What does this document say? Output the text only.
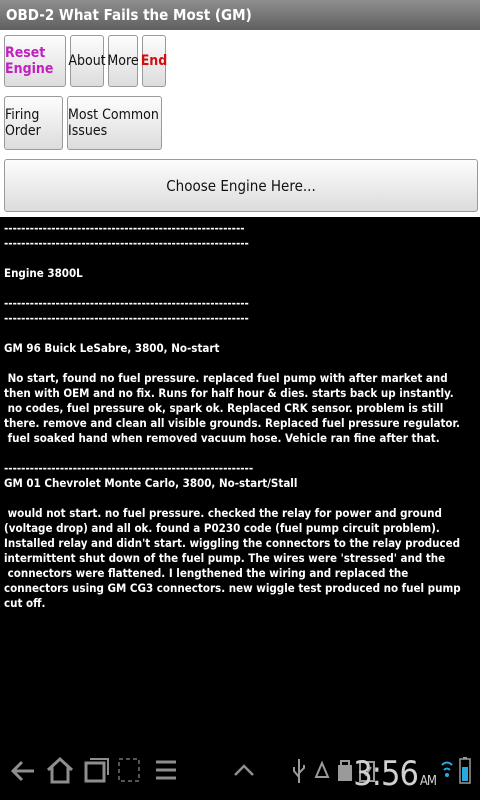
OBD-2 What Fails the Most (GM)
Reset Engine	About More End
Firing Order
Most Common Issues
Choose Engine Here...
--------------------------------------------------------
---------------------------------------------------------

Engine 3800L

---------------------------------------------------------
---------------------------------------------------------

GM 96 Buick LeSabre, 3800, No-start

No start, found no fuel pressure. replaced fuel pump with after market and then with OEM and no fix. Runs for half hour & dies. starts back up instantly.
no codes, fuel pressure ok, spark ok. Replaced CRK sensor. problem is still there. remove and clean all visible grounds. Replaced fuel pressure regulator.
fuel soaked hand when removed vacuum hose. Vehicle ran fine after that.

----------------------------------------------------------
GM 01 Chevrolet Monte Carlo, 3800, No-start/Stall

would not start. no fuel pressure. checked the relay for power and ground (voltage drop) and all ok. found a P0230 code (fuel pump circuit problem).
Installed relay and didn't start. wiggling the connectors to the relay produced intermittent shut down of the fuel pump. The wires were 'stressed' and the
connectors were flattened. I lengthened the wiring and replaced the connectors using GM CG3 connectors. new wiggle test produced no fuel pump cut off.
3:56 AM
